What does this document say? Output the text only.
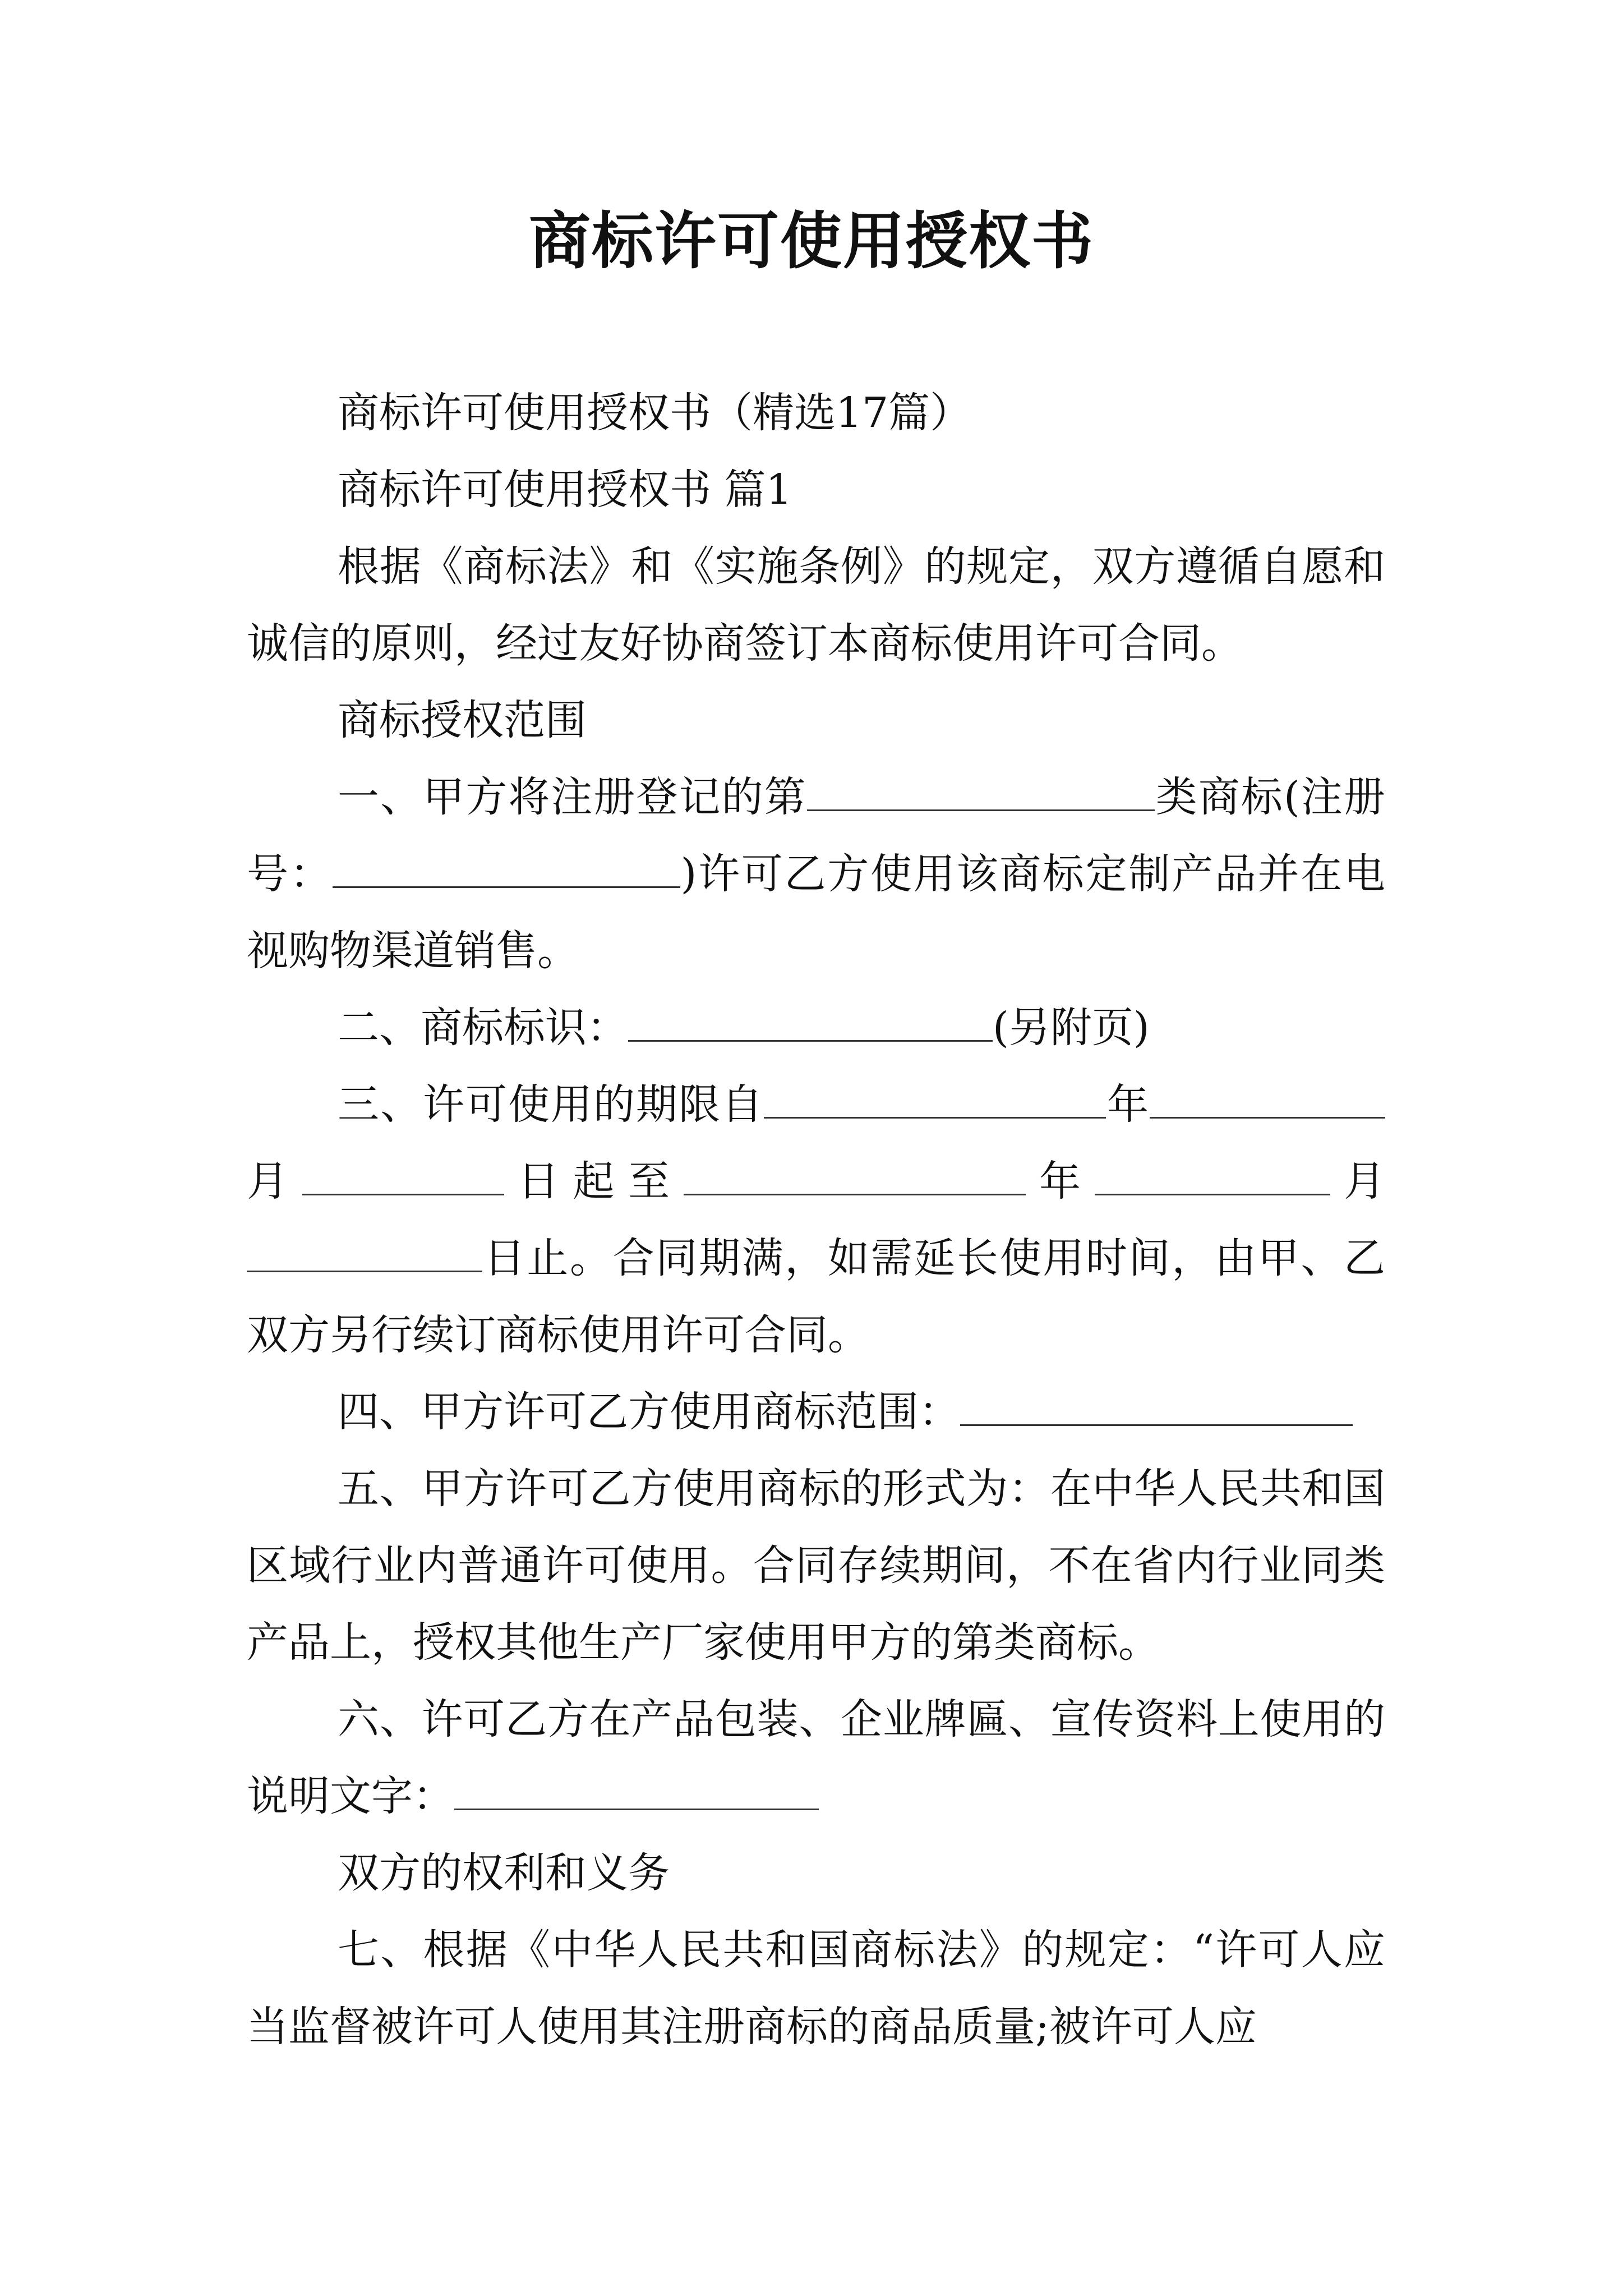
商标许可使用授权书

商标许可使用授权书（精选17篇）

商标许可使用授权书 篇1

根据《商标法》和《实施条例》的规定，双方遵循自愿和诚信的原则，经过友好协商签订本商标使用许可合同。

商标授权范围

一、甲方将注册登记的第	类商标(注册号：	)许可乙方使用该商标定制产品并在电视购物渠道销售。

二、商标标识：	(另附页)

三、许可使用的期限自	年月	日起至	年	月日止。合同期满，如需延长使用时间，由甲、乙双方另行续订商标使用许可合同。

四、甲方许可乙方使用商标范围：

五、甲方许可乙方使用商标的形式为：在中华人民共和国区域行业内普通许可使用。合同存续期间，不在省内行业同类产品上，授权其他生产厂家使用甲方的第类商标。

六、许可乙方在产品包装、企业牌匾、宣传资料上使用的说明文字：

双方的权利和义务

七、根据《中华人民共和国商标法》的规定：“许可人应当监督被许可人使用其注册商标的商品质量;被许可人应
